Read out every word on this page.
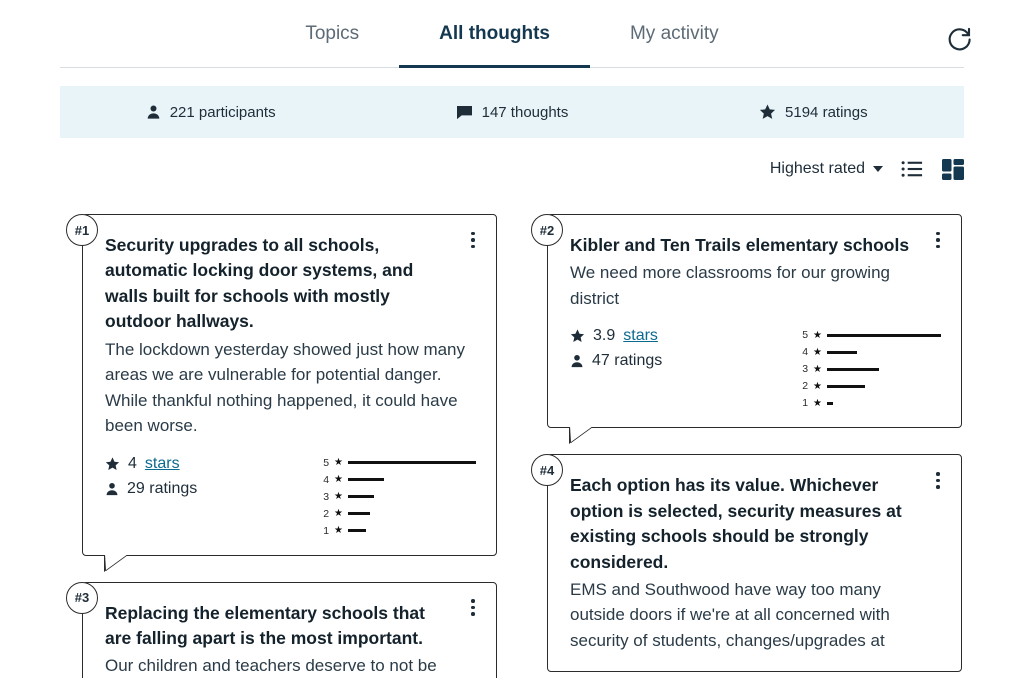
Topics	All thoughts	My activity
221 participants	147 thoughts	5194 ratings
Highest rated
#1

Security upgrades to all schools, automatic locking door systems, and walls built for schools with mostly outdoor hallways.

The lockdown yesterday showed just how many areas we are vulnerable for potential danger. While thankful nothing happened, it could have been worse.

4 stars
29 ratings
5 ★
4 ★
3 ★
2 ★
1 ★
#3

Replacing the elementary schools that are falling apart is the most important.

Our children and teachers deserve to not be

#2

Kibler and Ten Trails elementary schools

We need more classrooms for our growing district

3.9 stars
47 ratings
5 ★
4 ★
3 ★
2 ★
1 ★
#4

Each option has its value. Whichever option is selected, security measures at existing schools should be strongly considered.

EMS and Southwood have way too many outside doors if we're at all concerned with security of students, changes/upgrades at
